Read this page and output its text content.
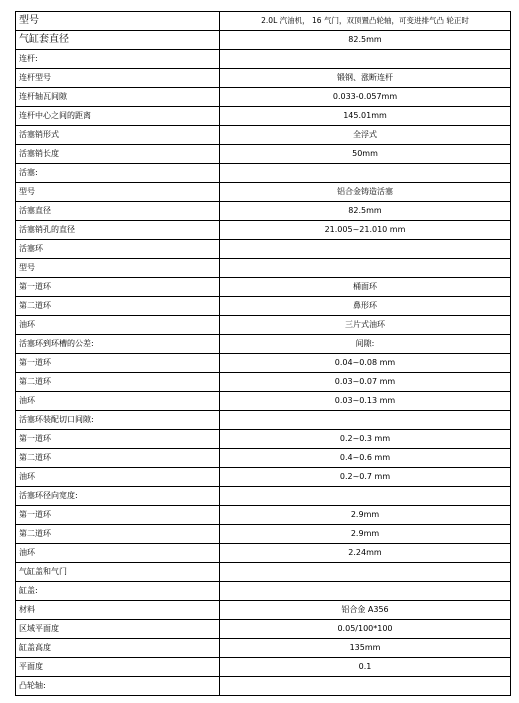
型号	2.0L 汽油机， 16 气门，双顶置凸轮轴，可变进排气凸 轮正时
气缸套直径	82.5mm
连杆:	
连杆型号	锻钢、涨断连杆
连杆轴瓦间隙	0.033-0.057mm
连杆中心之间的距离	145.01mm
活塞销形式	全浮式
活塞销长度	50mm
活塞:	
型号	铝合金铸造活塞
活塞直径	82.5mm
活塞销孔的直径	21.005~21.010 mm
活塞环	
型号	
第一道环	桶面环
第二道环	鼻形环
油环	三片式油环
活塞环到环槽的公差:	间隙:
第一道环	0.04~0.08 mm
第二道环	0.03~0.07 mm
油环	0.03~0.13 mm
活塞环装配切口间隙:	
第一道环	0.2~0.3 mm
第二道环	0.4~0.6 mm
油环	0.2~0.7 mm
活塞环径向宽度:	
第一道环	2.9mm
第二道环	2.9mm
油环	2.24mm
气缸盖和气门	
缸盖:	
材料	铝合金 A356
区域平面度	0.05/100*100
缸盖高度	135mm
平面度	0.1
凸轮轴:	
